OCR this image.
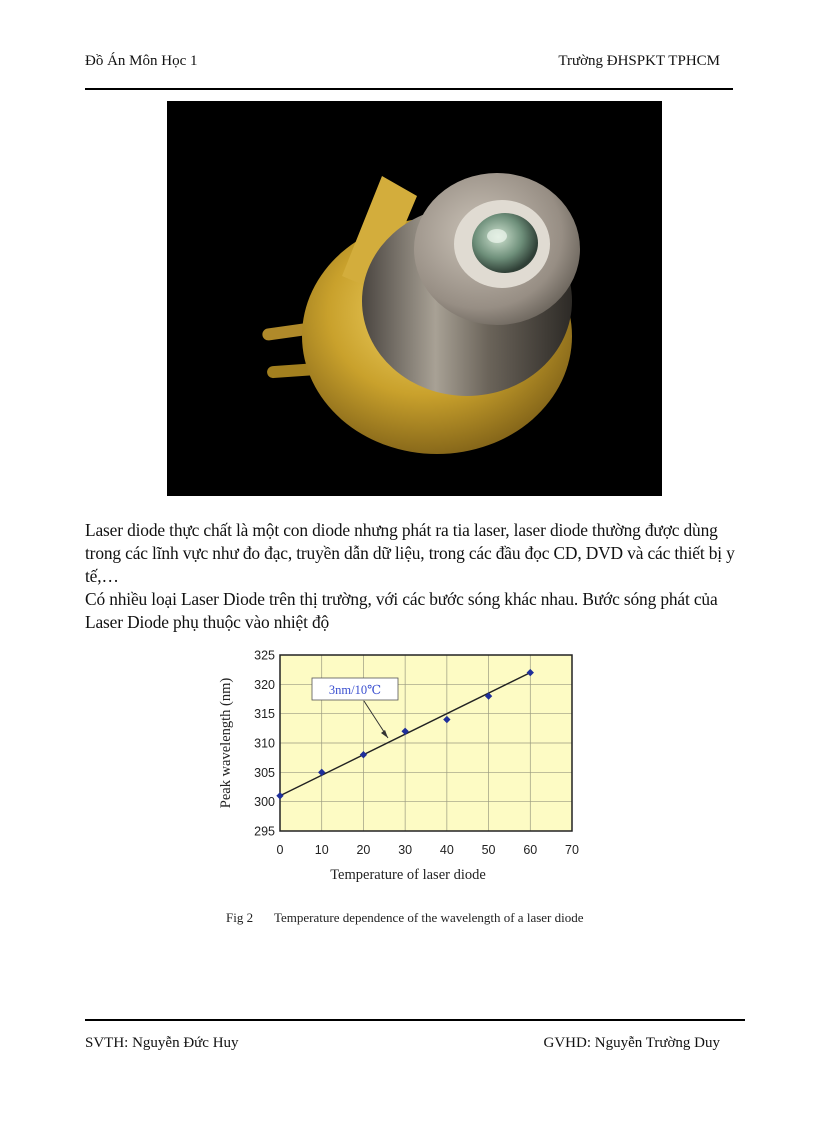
Đồ Án Môn Học 1	Trường ĐHSPKT TPHCM

Laser diode thực chất là một con diode nhưng phát ra tia laser, laser diode thường được dùng trong các lĩnh vực như đo đạc, truyền dẫn dữ liệu, trong các đầu đọc CD, DVD và các thiết bị y tế,…

Có nhiều loại Laser Diode trên thị trường, với các bước sóng khác nhau. Bước sóng phát của Laser Diode phụ thuộc vào nhiệt độ

0	10 20 30 40 50 60 70
295
300
305
310
315
320
325
Temperature of laser diode
Peak wavelength (nm)	3nm/10℃
Fig 2 Temperature dependence of the wavelength of a laser diode
SVTH: Nguyễn Đức Huy	GVHD: Nguyễn Trường Duy
